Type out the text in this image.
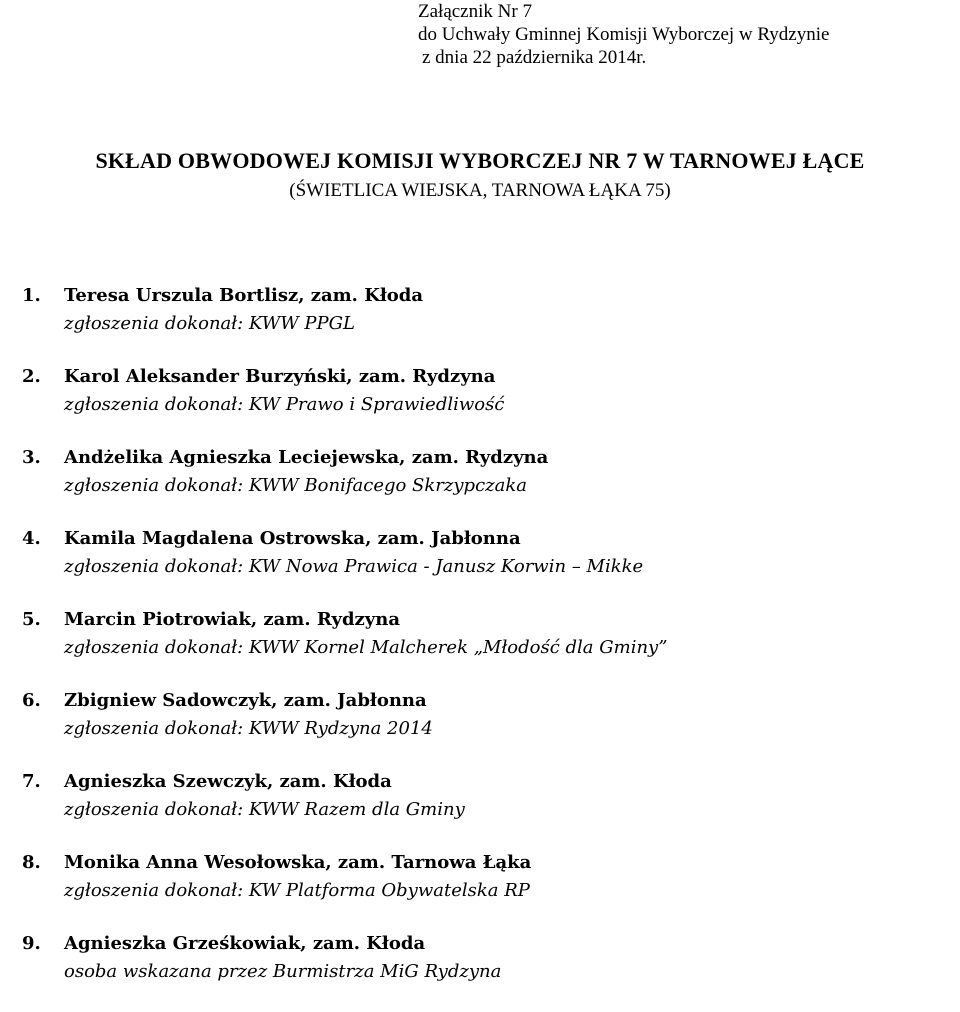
Załącznik Nr 7
do Uchwały Gminnej Komisji Wyborczej w Rydzynie
z dnia 22 października 2014r.
SKŁAD OBWODOWEJ KOMISJI WYBORCZEJ NR 7 W TARNOWEJ ŁĄCE
(ŚWIETLICA WIEJSKA, TARNOWA ŁĄKA 75)
1.	Teresa Urszula Bortlisz, zam. Kłoda
zgłoszenia dokonał: KWW PPGL
2.	Karol Aleksander Burzyński, zam. Rydzyna
zgłoszenia dokonał: KW Prawo i Sprawiedliwość
3.	Andżelika Agnieszka Leciejewska, zam. Rydzyna
zgłoszenia dokonał: KWW Bonifacego Skrzypczaka
4.	Kamila Magdalena Ostrowska, zam. Jabłonna
zgłoszenia dokonał: KW Nowa Prawica - Janusz Korwin – Mikke
5.	Marcin Piotrowiak, zam. Rydzyna
zgłoszenia dokonał: KWW Kornel Malcherek „Młodość dla Gminy”
6.	Zbigniew Sadowczyk, zam. Jabłonna
zgłoszenia dokonał: KWW Rydzyna 2014
7.	Agnieszka Szewczyk, zam. Kłoda
zgłoszenia dokonał: KWW Razem dla Gminy
8.	Monika Anna Wesołowska, zam. Tarnowa Łąka
zgłoszenia dokonał: KW Platforma Obywatelska RP
9.	Agnieszka Grześkowiak, zam. Kłoda
osoba wskazana przez Burmistrza MiG Rydzyna
